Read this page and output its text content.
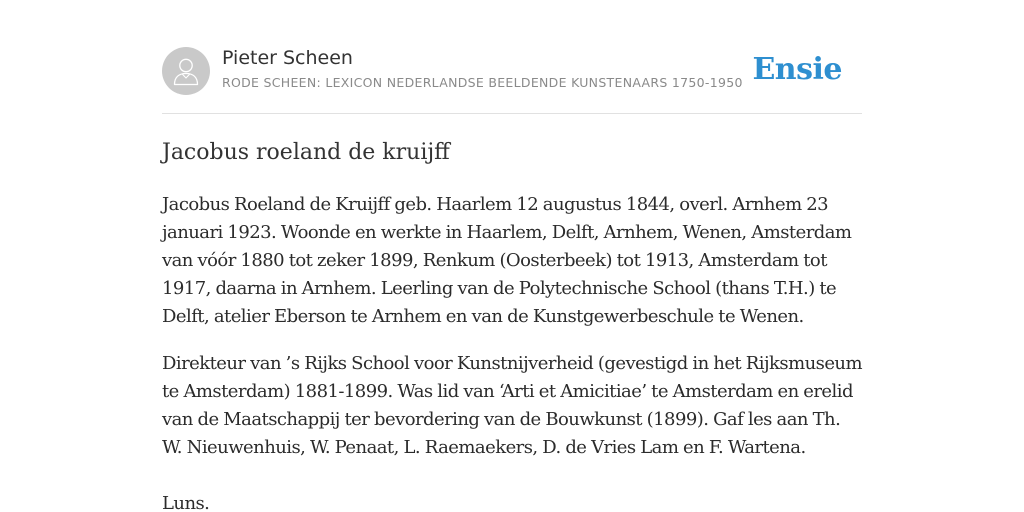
Pieter Scheen
RODE SCHEEN: LEXICON NEDERLANDSE BEELDENDE KUNSTENAARS 1750-1950 Ensie
Jacobus roeland de kruijff

Jacobus Roeland de Kruijff geb. Haarlem 12 augustus 1844, overl. Arnhem 23 januari 1923. Woonde en werkte in Haarlem, Delft, Arnhem, Wenen, Amsterdam van vóór 1880 tot zeker 1899, Renkum (Oosterbeek) tot 1913, Amsterdam tot 1917, daarna in Arnhem. Leerling van de Polytechnische School (thans T.H.) te Delft, atelier Eberson te Arnhem en van de Kunstgewerbeschule te Wenen.

Direkteur van ’s Rijks School voor Kunstnijverheid (gevestigd in het Rijksmuseum te Amsterdam) 1881-1899. Was lid van ‘Arti et Amicitiae’ te Amsterdam en erelid van de Maatschappij ter bevordering van de Bouwkunst (1899). Gaf les aan Th. W. Nieuwenhuis, W. Penaat, L. Raemaekers, D. de Vries Lam en F. Wartena.

Luns.
